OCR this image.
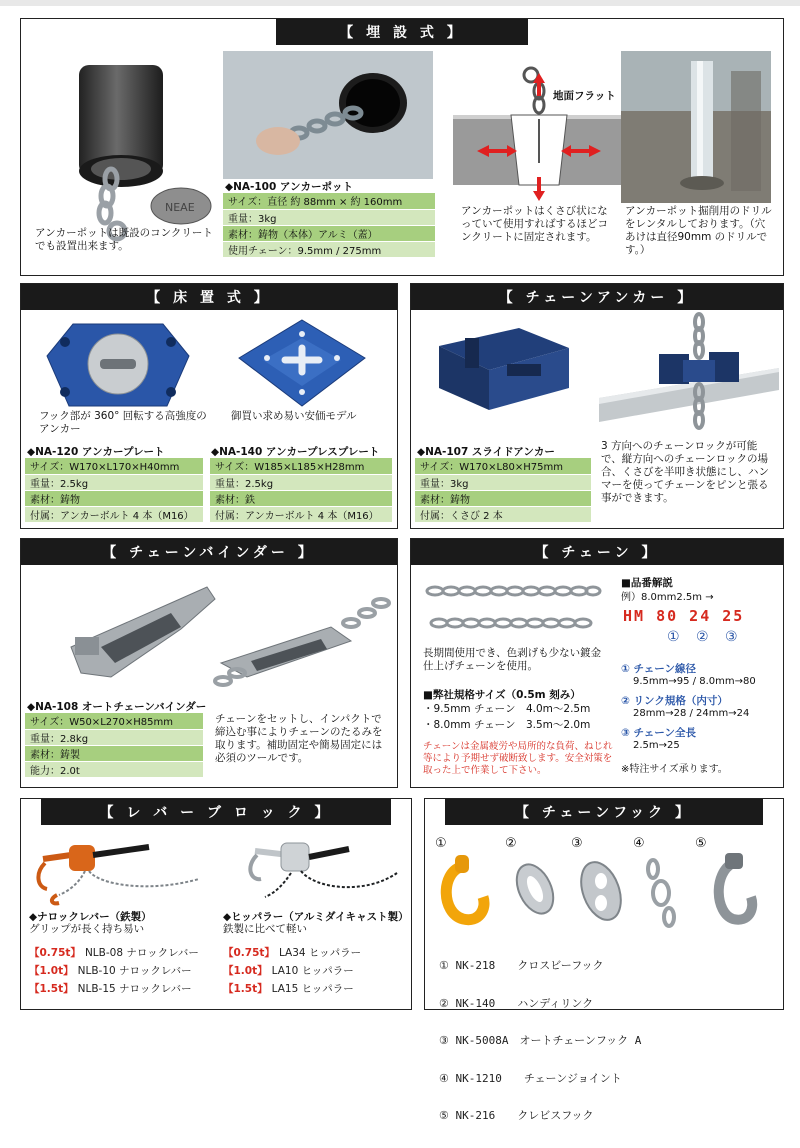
【 埋 設 式 】
NEAE
アンカーポットは既設のコンクリートでも設置出来ます。
◆NA-100 アンカーポット
サイズ：直径 約 88mm × 約 160mm
重量：3kg
素材：鋳物（本体）アルミ（蓋）
使用チェーン：9.5mm / 275mm
地面フラット
アンカーポットはくさび状になっていて使用すればするほどコンクリートに固定されます。
アンカーポット掘削用のドリルをレンタルしております。（穴あけは直径90mm のドリルです。）
【 床 置 式 】
フック部が 360° 回転する高強度のアンカー
御買い求め易い安価モデル
◆NA-120 アンカープレート	◆NA-140 アンカープレスプレート
サイズ：W170×L170×H40mm
重量：2.5kg
素材：鋳物
付属：アンカーボルト 4 本（M16）
サイズ：W185×L185×H28mm
重量：2.5kg
素材：鉄
付属：アンカーボルト 4 本（M16）
【 チェーンアンカー 】
◆NA-107 スライドアンカー
サイズ：W170×L80×H75mm
重量：3kg
素材：鋳物
付属：くさび 2 本
3 方向へのチェーンロックが可能で、縦方向へのチェーンロックの場合、くさびを半叩き状態にし、ハンマーを使ってチェーンをピンと張る事ができます。
【 チェーンバインダー 】
◆NA-108 オートチェーンバインダー
サイズ：W50×L270×H85mm
重量：2.8kg
素材：鋳製
能力：2.0t
チェーンをセットし、インパクトで締込む事によりチェーンのたるみを取ります。補助固定や簡易固定には必須のツールです。
【 チェーン 】
長期間使用でき、色剥げも少ない鍍金仕上げチェーンを使用。
■弊社規格サイズ（0.5m 刻み）
・9.5mm チェーン　4.0m〜2.5m
・8.0mm チェーン　3.5m〜2.0m
チェーンは金属疲労や局所的な負荷、ねじれ等により予期せず破断致します。安全対策を取った上で作業して下さい。
■品番解説
例）8.0mm2.5m →
HM 80 24 25
① ② ③
① チェーン線径
9.5mm→95 / 8.0mm→80
② リンク規格（内寸）
28mm→28 / 24mm→24
③ チェーン全長
2.5m→25
※特注サイズ承ります。
【 レ バ ー ブ ロ ッ ク 】
◆ナロックレバー（鉄製）
グリップが長く持ち易い
◆ヒッパラー（アルミダイキャスト製）
鉄製に比べて軽い
【0.75t】 NLB-08 ナロックレバー
【1.0t】 NLB-10 ナロックレバー
【1.5t】 NLB-15 ナロックレバー
【0.75t】 LA34 ヒッパラー
【1.0t】 LA10 ヒッパラー
【1.5t】 LA15 ヒッパラー
【 チェーンフック 】
①	②	③	④	⑤

① NK-218　　クロスビーフック

② NK-140　　ハンディリンク

③ NK-5008A　オートチェーンフック A

④ NK-1210　　チェーンジョイント

⑤ NK-216　　クレビスフック
